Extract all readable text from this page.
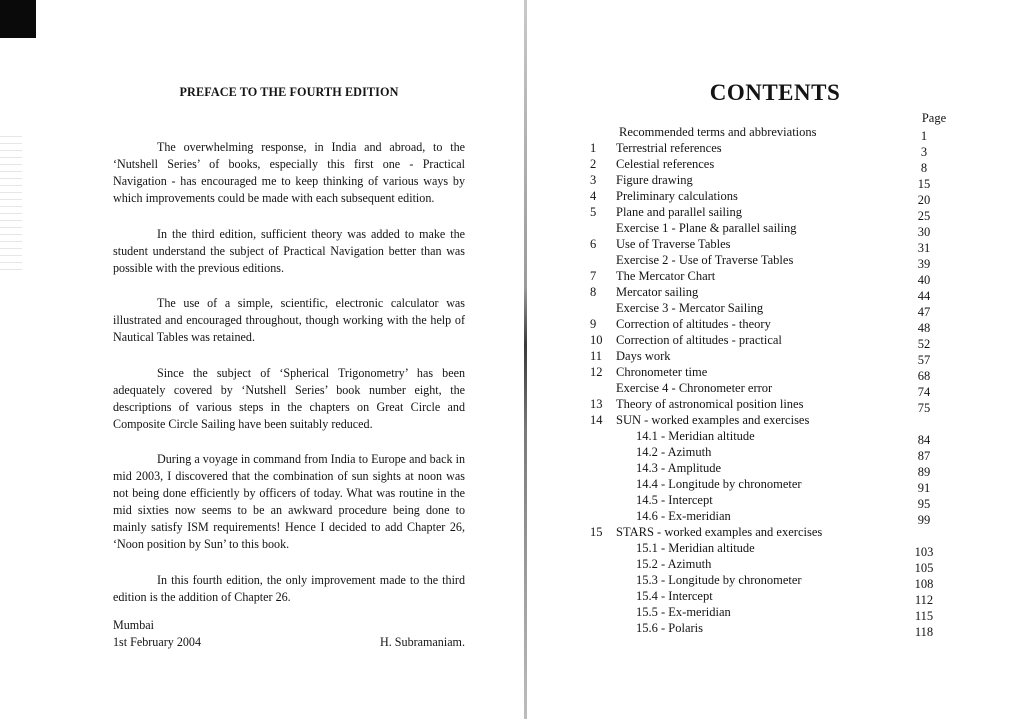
PREFACE TO THE FOURTH EDITION

The overwhelming response, in India and abroad, to the ‘Nutshell Series’ of books, especially this first one - Practical Navigation - has encouraged me to keep thinking of various ways by which improvements could be made with each subsequent edition.

In the third edition, sufficient theory was added to make the student understand the subject of Practical Navigation better than was possible with the previous editions.

The use of a simple, scientific, electronic calculator was illustrated and encouraged throughout, though working with the help of Nautical Tables was retained.

Since the subject of ‘Spherical Trigonometry’ has been adequately covered by ‘Nutshell Series’ book number eight, the descriptions of various steps in the chapters on Great Circle and Composite Circle Sailing have been suitably reduced.

During a voyage in command from India to Europe and back in mid 2003, I discovered that the combination of sun sights at noon was not being done efficiently by officers of today. What was routine in the mid sixties now seems to be an awkward procedure being done to mainly satisfy ISM requirements! Hence I decided to add Chapter 26, ‘Noon position by Sun’ to this book.

In this fourth edition, the only improvement made to the third edition is the addition of Chapter 26.

Mumbai
1st February 2004	H. Subramaniam.
CONTENTS
Page
Recommended terms and abbreviations	1
1	Terrestrial references	3
2	Celestial references	8
3	Figure drawing	15
4	Preliminary calculations	20
5	Plane and parallel sailing	25
Exercise 1 - Plane & parallel sailing	30
6	Use of Traverse Tables	31
Exercise 2 - Use of Traverse Tables	39
7	The Mercator Chart	40
8	Mercator sailing	44
Exercise 3 - Mercator Sailing	47
9	Correction of altitudes - theory	48
10	Correction of altitudes - practical	52
11	Days work	57
12	Chronometer time	68
Exercise 4 - Chronometer error	74
13	Theory of astronomical position lines	75
14	SUN - worked examples and exercises
14.1 - Meridian altitude	84
14.2 - Azimuth	87
14.3 - Amplitude	89
14.4 - Longitude by chronometer	91
14.5 - Intercept	95
14.6 - Ex-meridian	99
15	STARS - worked examples and exercises
15.1 - Meridian altitude	103
15.2 - Azimuth	105
15.3 - Longitude by chronometer	108
15.4 - Intercept	112
15.5 - Ex-meridian	115
15.6 - Polaris	118
